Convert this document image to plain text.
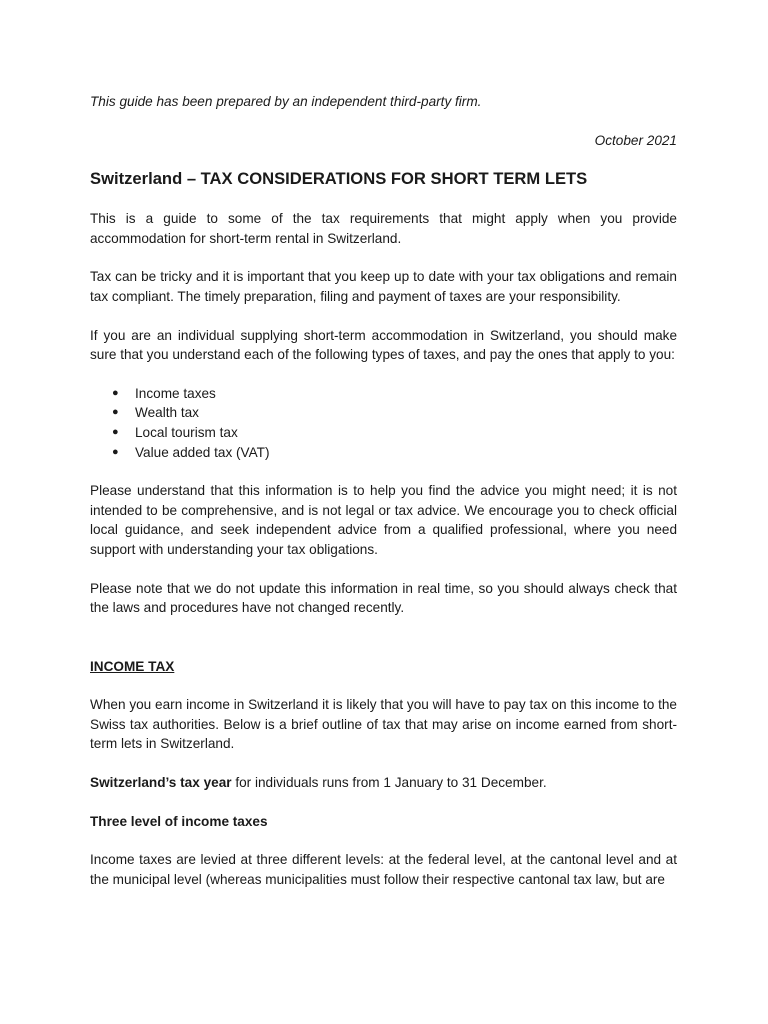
This guide has been prepared by an independent third-party firm.

October 2021

Switzerland – TAX CONSIDERATIONS FOR SHORT TERM LETS

This is a guide to some of the tax requirements that might apply when you provide accommodation for short-term rental in Switzerland.

Tax can be tricky and it is important that you keep up to date with your tax obligations and remain tax compliant. The timely preparation, filing and payment of taxes are your responsibility.

If you are an individual supplying short-term accommodation in Switzerland, you should make sure that you understand each of the following types of taxes, and pay the ones that apply to you:

● Income taxes
● Wealth tax
● Local tourism tax
● Value added tax (VAT)

Please understand that this information is to help you find the advice you might need; it is not intended to be comprehensive, and is not legal or tax advice. We encourage you to check official local guidance, and seek independent advice from a qualified professional, where you need support with understanding your tax obligations.

Please note that we do not update this information in real time, so you should always check that the laws and procedures have not changed recently.

INCOME TAX

When you earn income in Switzerland it is likely that you will have to pay tax on this income to the Swiss tax authorities. Below is a brief outline of tax that may arise on income earned from short-term lets in Switzerland.

Switzerland’s tax year for individuals runs from 1 January to 31 December.

Three level of income taxes

Income taxes are levied at three different levels: at the federal level, at the cantonal level and at the municipal level (whereas municipalities must follow their respective cantonal tax law, but are
